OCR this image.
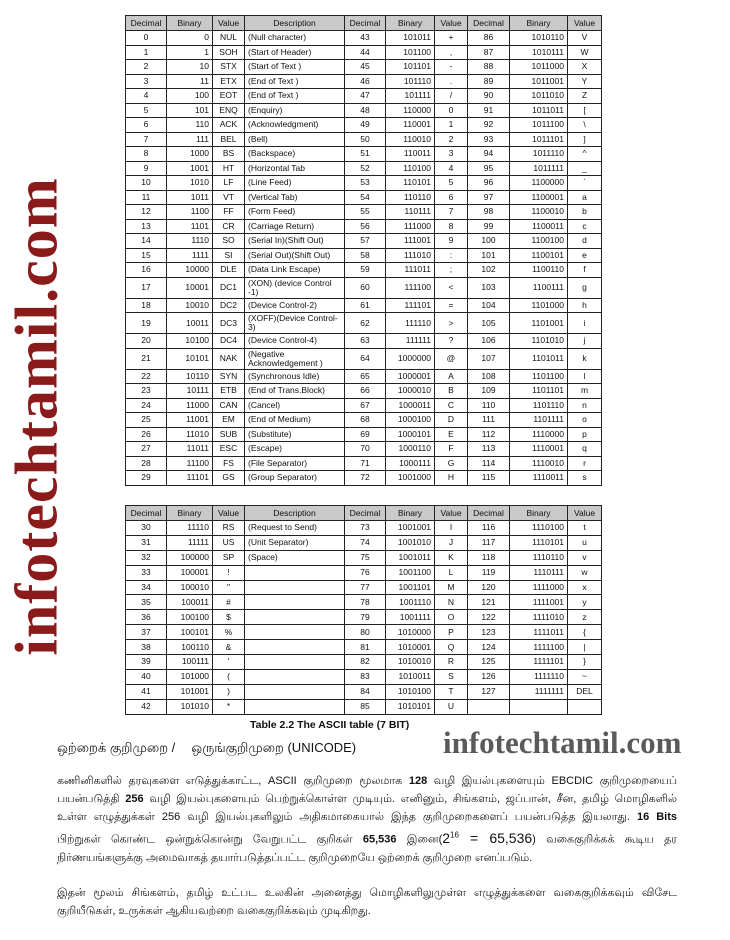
infotechtamil.com
Decimal	Binary	Value	Description	Decimal	Binary	Value	Decimal	Binary	Value
0	0	NUL	(Null character)	43	101011	+	86	1010110	V
1	1	SOH	(Start of Header)	44	101100	,	87	1010111	W
2	10	STX	(Start of Text )	45	101101	-	88	1011000	X
3	11	ETX	(End of Text )	46	101110	.	89	1011001	Y
4	100	EOT	(End of Text )	47	101111	/	90	1011010	Z
5	101	ENQ	(Enquiry)	48	110000	0	91	1011011	[
6	110	ACK	(Acknowledgment)	49	110001	1	92	1011100	\
7	111	BEL	(Bell)	50	110010	2	93	1011101	]
8	1000	BS	(Backspace)	51	110011	3	94	1011110	^
9	1001	HT	(Horizontal Tab	52	110100	4	95	1011111	_
10	1010	LF	(Line Feed)	53	110101	5	96	1100000	`
11	1011	VT	(Vertical Tab)	54	110110	6	97	1100001	a
12	1100	FF	(Form Feed)	55	110111	7	98	1100010	b
13	1101	CR	(Carriage Return)	56	111000	8	99	1100011	c
14	1110	SO	(Serial In)(Shift Out)	57	111001	9	100	1100100	d
15	1111	SI	(Serial Out)(Shift Out)	58	111010	:	101	1100101	e
16	10000	DLE	(Data Link Escape)	59	111011	;	102	1100110	f
17	10001	DC1	(XON) (device Control -1)	60	111100	<	103	1100111	g
18	10010	DC2	(Device Control-2)	61	111101	=	104	1101000	h
19	10011	DC3	(XOFF)(Device Control-3)	62	111110	>	105	1101001	i
20	10100	DC4	(Device Control-4)	63	111111	?	106	1101010	j
21	10101	NAK	(Negative Acknowledgement )	64	1000000	@	107	1101011	k
22	10110	SYN	(Synchronous Idle)	65	1000001	A	108	1101100	l
23	10111	ETB	(End of Trans.Block)	66	1000010	B	109	1101101	m
24	11000	CAN	(Cancel)	67	1000011	C	110	1101110	n
25	11001	EM	(End of Medium)	68	1000100	D	111	1101111	o
26	11010	SUB	(Substitute)	69	1000101	E	112	1110000	p
27	11011	ESC	(Escape)	70	1000110	F	113	1110001	q
28	11100	FS	(File Separator)	71	1000111	G	114	1110010	r
29	11101	GS	(Group Separator)	72	1001000	H	115	1110011	s
Decimal	Binary	Value	Description	Decimal	Binary	Value	Decimal	Binary	Value
30	11110	RS	(Request to Send)	73	1001001	I	116	1110100	t
31	11111	US	(Unit Separator)	74	1001010	J	117	1110101	u
32	100000	SP	(Space)	75	1001011	K	118	1110110	v
33	100001	!		76	1001100	L	119	1110111	w
34	100010	"		77	1001101	M	120	1111000	x
35	100011	#		78	1001110	N	121	1111001	y
36	100100	$		79	1001111	O	122	1111010	z
37	100101	%		80	1010000	P	123	1111011	{
38	100110	&		81	1010001	Q	124	1111100	|
39	100111	'		82	1010010	R	125	1111101	}
40	101000	(		83	1010011	S	126	1111110	~
41	101001	)		84	1010100	T	127	1111111	DEL
42	101010	*		85	1010101	U			
Table 2.2 The ASCII table (7 BIT) infotechtamil.com
ஒற்றைக் குறிமுறை / ஒருங்குறிமுறை (UNICODE)
கணினிகளில் தரவுகளை எடுத்துக்காட்ட, ASCII குறிமுறை மூலமாக 128 வழி இயல்புகளையும் EBCDIC குறிமுறையைப் பயன்படுத்தி 256 வழி இயல்புகளையும் பெற்றுக்கொள்ள முடியும். எனினும், சிங்களம், ஜப்பான், சீன, தமிழ் மொழிகளில் உள்ள எழுத்துக்கள் 256 வழி இயல்புகளிலும் அதிகமாகையால் இந்த குறிமுறைகளைப் பயன்படுத்த இயலாது. 16 Bits பிற்றுகள் கொண்ட ஒன்றுக்கொன்று வேறுபட்ட குறிகள் 65,536 $இனை(2^{16} = 65,536)$ வகைகுறிக்கக் கூடிய தர நிர்ணயங்களுக்கு அமைவாகத் தயார்படுத்தப்பட்ட குறிமுறையே ஒற்றைக் குறிமுறை எனப்படும்.
இதன் மூலம் சிங்களம், தமிழ் உட்பட உலகின் அனைத்து மொழிகளிலுமுள்ள எழுத்துக்களை வகைகுறிக்கவும் விசேட குறியீடுகள், உருக்கள் ஆகியவற்றை வகைகுறிக்கவும் முடிகிறது.
